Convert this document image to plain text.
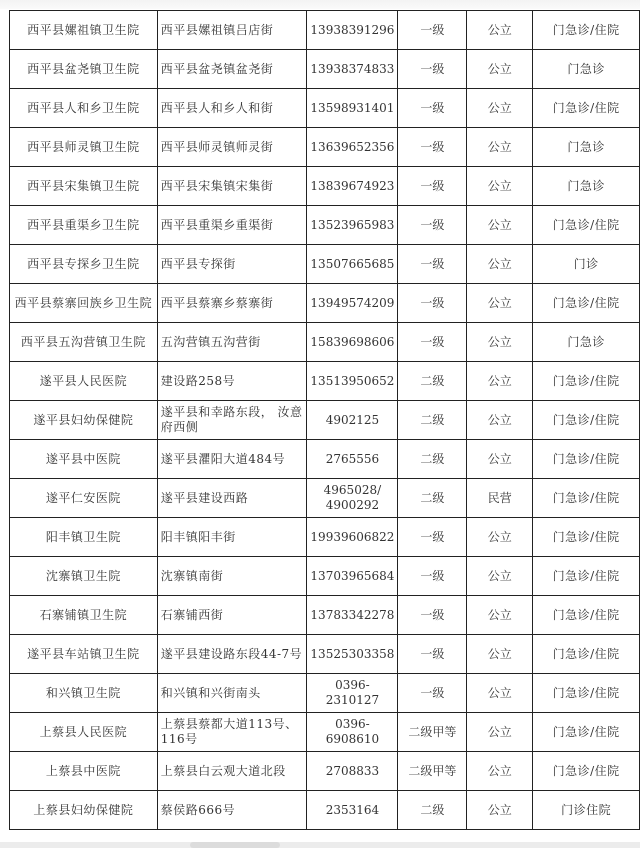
西平县嫘祖镇卫生院	西平县嫘祖镇吕店街	13938391296	一级	公立	门急诊/住院
西平县盆尧镇卫生院	西平县盆尧镇盆尧街	13938374833	一级	公立	门急诊
西平县人和乡卫生院	西平县人和乡人和街	13598931401	一级	公立	门急诊/住院
西平县师灵镇卫生院	西平县师灵镇师灵街	13639652356	一级	公立	门急诊
西平县宋集镇卫生院	西平县宋集镇宋集街	13839674923	一级	公立	门急诊
西平县重渠乡卫生院	西平县重渠乡重渠街	13523965983	一级	公立	门急诊/住院
西平县专探乡卫生院	西平县专探街	13507665685	一级	公立	门诊
西平县蔡寨回族乡卫生院	西平县蔡寨乡蔡寨街	13949574209	一级	公立	门急诊/住院
西平县五沟营镇卫生院	五沟营镇五沟营街	15839698606	一级	公立	门急诊
遂平县人民医院	建设路258号	13513950652	二级	公立	门急诊/住院
遂平县妇幼保健院	遂平县和幸路东段， 汝意府西侧	4902125	二级	公立	门急诊/住院
遂平县中医院	遂平县灈阳大道484号	2765556	二级	公立	门急诊/住院
遂平仁安医院	遂平县建设西路	4965028/ 4900292	二级	民营	门急诊/住院
阳丰镇卫生院	阳丰镇阳丰街	19939606822	一级	公立	门急诊/住院
沈寨镇卫生院	沈寨镇南街	13703965684	一级	公立	门急诊/住院
石寨铺镇卫生院	石寨铺西街	13783342278	一级	公立	门急诊/住院
遂平县车站镇卫生院	遂平县建设路东段44-7号	13525303358	一级	公立	门急诊/住院
和兴镇卫生院	和兴镇和兴街南头	0396-2310127	一级	公立	门急诊/住院
上蔡县人民医院	上蔡县蔡都大道113号、116号	0396-6908610	二级甲等	公立	门急诊/住院
上蔡县中医院	上蔡县白云观大道北段	2708833	二级甲等	公立	门急诊/住院
上蔡县妇幼保健院	蔡侯路666号	2353164	二级	公立	门诊住院
